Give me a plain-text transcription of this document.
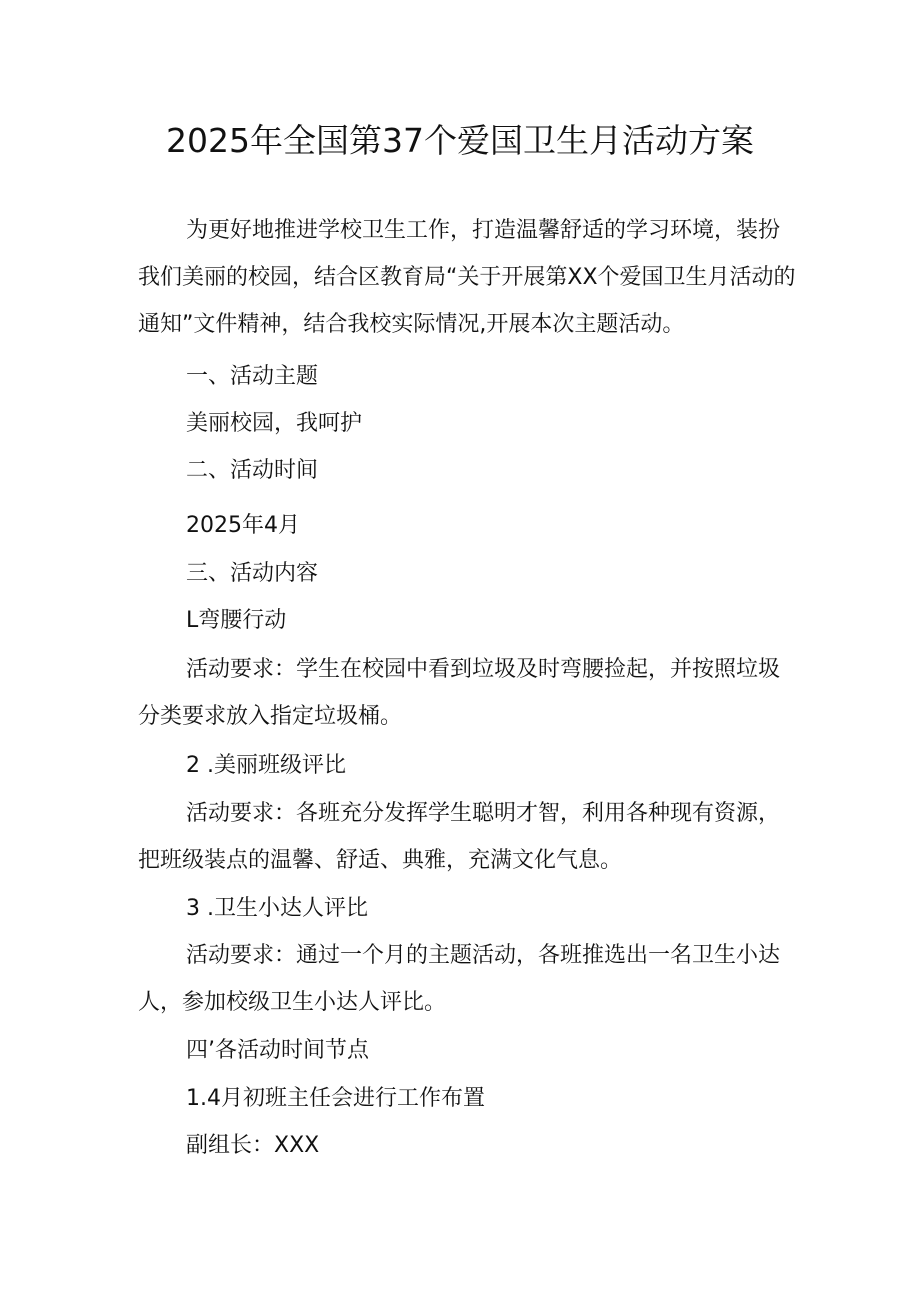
2025年全国第37个爱国卫生月活动方案

为更好地推进学校卫生工作，打造温馨舒适的学习环境，装扮我们美丽的校园，结合区教育局“关于开展第XX个爱国卫生月活动的通知”文件精神，结合我校实际情况,开展本次主题活动。

一、活动主题
美丽校园，我呵护
二、活动时间
2025年4月
三、活动内容
L弯腰行动

活动要求：学生在校园中看到垃圾及时弯腰捡起，并按照垃圾分类要求放入指定垃圾桶。

2 .美丽班级评比

活动要求：各班充分发挥学生聪明才智，利用各种现有资源，把班级装点的温馨、舒适、典雅，充满文化气息。

3 .卫生小达人评比

活动要求：通过一个月的主题活动，各班推选出一名卫生小达人，参加校级卫生小达人评比。

四’各活动时间节点
1.4月初班主任会进行工作布置
副组长：XXX
